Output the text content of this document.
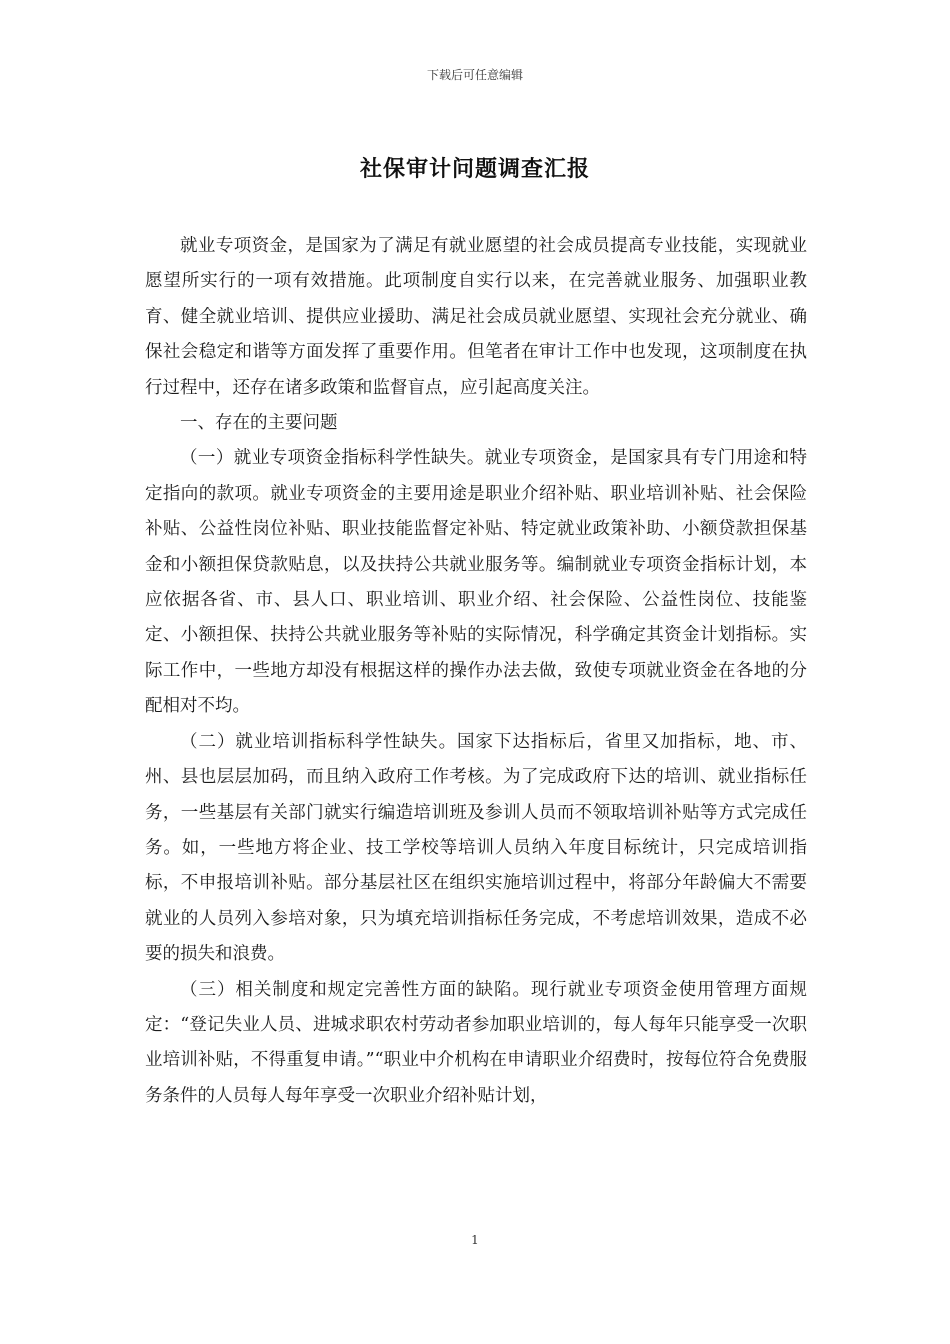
下载后可任意编辑
社保审计问题调查汇报

就业专项资金，是国家为了满足有就业愿望的社会成员提高专业技能，实现就业愿望所实行的一项有效措施。此项制度自实行以来，在完善就业服务、加强职业教育、健全就业培训、提供应业援助、满足社会成员就业愿望、实现社会充分就业、确保社会稳定和谐等方面发挥了重要作用。但笔者在审计工作中也发现，这项制度在执行过程中，还存在诸多政策和监督盲点，应引起高度关注。

一、存在的主要问题

（一）就业专项资金指标科学性缺失。就业专项资金，是国家具有专门用途和特定指向的款项。就业专项资金的主要用途是职业介绍补贴、职业培训补贴、社会保险补贴、公益性岗位补贴、职业技能监督定补贴、特定就业政策补助、小额贷款担保基金和小额担保贷款贴息，以及扶持公共就业服务等。编制就业专项资金指标计划，本应依据各省、市、县人口、职业培训、职业介绍、社会保险、公益性岗位、技能鉴定、小额担保、扶持公共就业服务等补贴的实际情况，科学确定其资金计划指标。实际工作中，一些地方却没有根据这样的操作办法去做，致使专项就业资金在各地的分配相对不均。

（二）就业培训指标科学性缺失。国家下达指标后，省里又加指标，地、市、州、县也层层加码，而且纳入政府工作考核。为了完成政府下达的培训、就业指标任务，一些基层有关部门就实行编造培训班及参训人员而不领取培训补贴等方式完成任务。如，一些地方将企业、技工学校等培训人员纳入年度目标统计，只完成培训指标，不申报培训补贴。部分基层社区在组织实施培训过程中，将部分年龄偏大不需要就业的人员列入参培对象，只为填充培训指标任务完成，不考虑培训效果，造成不必要的损失和浪费。

（三）相关制度和规定完善性方面的缺陷。现行就业专项资金使用管理方面规定：“登记失业人员、进城求职农村劳动者参加职业培训的，每人每年只能享受一次职业培训补贴，不得重复申请。”“职业中介机构在申请职业介绍费时，按每位符合免费服务条件的人员每人每年享受一次职业介绍补贴计划，

1
